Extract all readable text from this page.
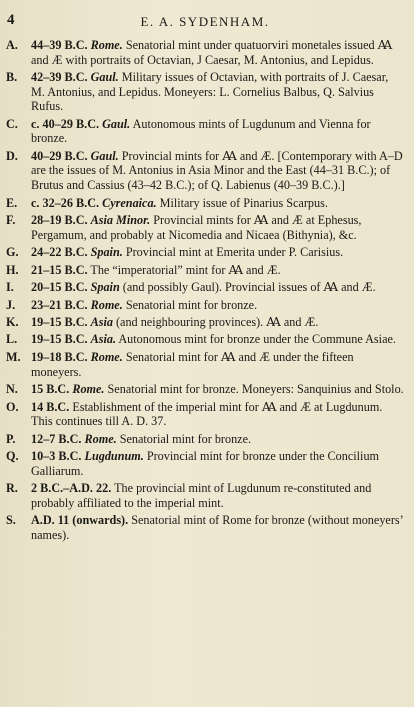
4	E. A. SYDENHAM.
A.	44–39 B.C. Rome. Senatorial mint under quatuorviri monetales issued Ꜳ and Æ with portraits of Octavian, J Caesar, M. Antonius, and Lepidus.
B.	42–39 B.C. Gaul. Military issues of Octavian, with portraits of J. Caesar, M. Antonius, and Lepidus. Moneyers: L. Cornelius Balbus, Q. Salvius Rufus.
C.	c. 40–29 B.C. Gaul. Autonomous mints of Lugdunum and Vienna for bronze.
D.	40–29 B.C. Gaul. Provincial mints for Ꜳ and Æ. [Contemporary with A–D are the issues of M. Antonius in Asia Minor and the East (44–31 B.C.); of Brutus and Cassius (43–42 B.C.); of Q. Labienus (40–39 B.C.).]
E.	c. 32–26 B.C. Cyrenaica. Military issue of Pinarius Scarpus.
F.	28–19 B.C. Asia Minor. Provincial mints for Ꜳ and Æ at Ephesus, Pergamum, and probably at Nicomedia and Nicaea (Bithynia), &c.
G.	24–22 B.C. Spain. Provincial mint at Emerita under P. Carisius.
H.	21–15 B.C. The “imperatorial” mint for Ꜳ and Æ.
I.	20–15 B.C. Spain (and possibly Gaul). Provincial issues of Ꜳ and Æ.
J.	23–21 B.C. Rome. Senatorial mint for bronze.
K.	19–15 B.C. Asia (and neighbouring provinces). Ꜳ and Æ.
L.	19–15 B.C. Asia. Autonomous mint for bronze under the Commune Asiae.
M. 19–18 B.C. Rome. Senatorial mint for Ꜳ and Æ under the fifteen moneyers.
N.	15 B.C. Rome. Senatorial mint for bronze. Moneyers: Sanquinius and Stolo.
O.	14 B.C. Establishment of the imperial mint for Ꜳ and Æ at Lugdunum. This continues till A. D. 37.
P.	12–7 B.C. Rome. Senatorial mint for bronze.
Q.	10–3 B.C. Lugdunum. Provincial mint for bronze under the Concilium Galliarum.
R.	2 B.C.–A.D. 22. The provincial mint of Lugdunum re-constituted and probably affiliated to the imperial mint.
S.	A.D. 11 (onwards). Senatorial mint of Rome for bronze (without moneyers’ names).
